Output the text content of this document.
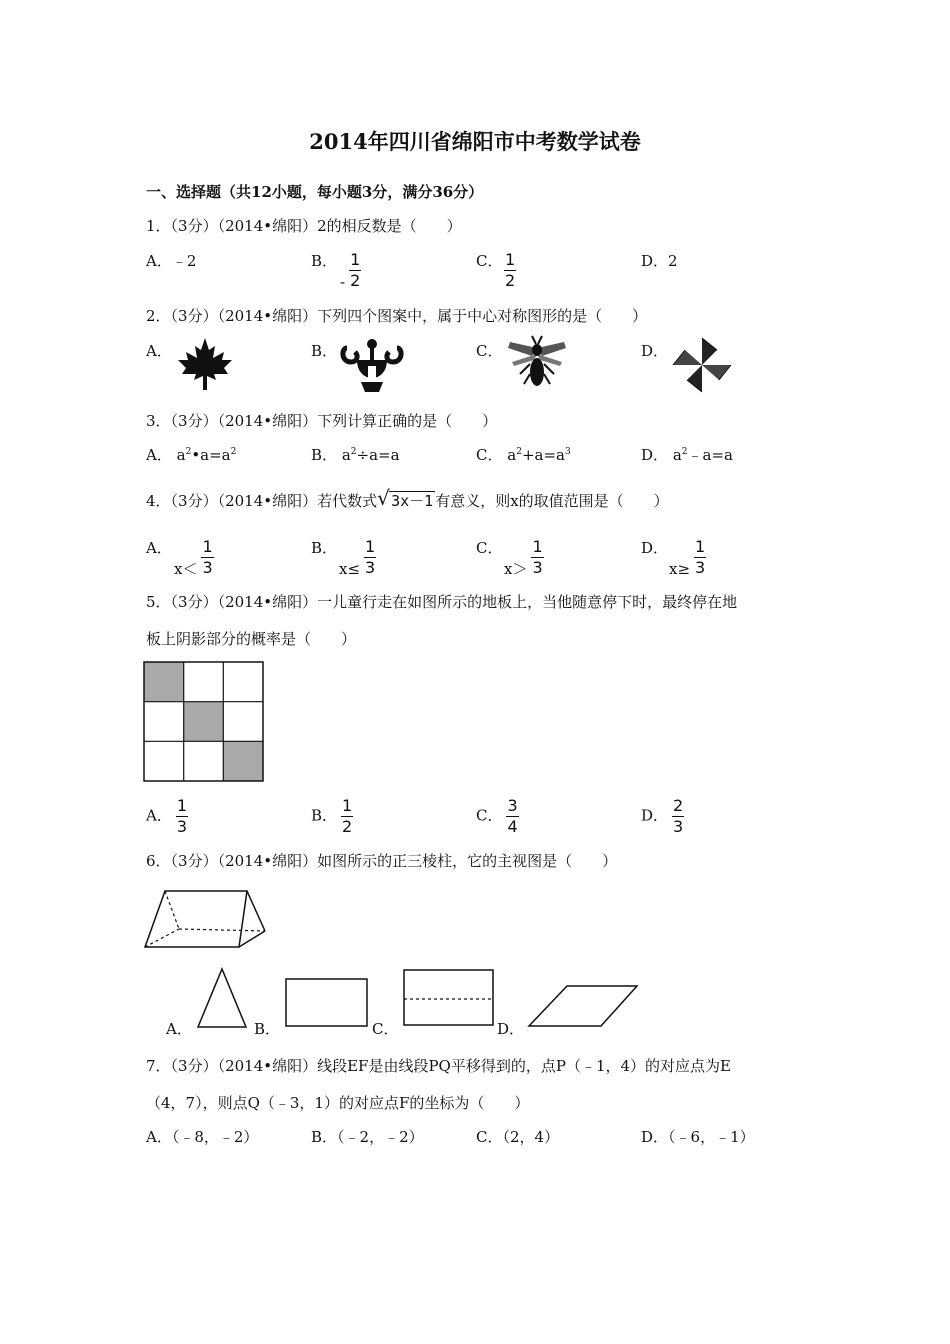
2014年四川省绵阳市中考数学试卷
一、选择题（共12小题，每小题3分，满分36分）
1．（3分）（2014•绵阳）2的相反数是（　　）
A．﹣2	B．
- $\frac{1}{2}$	C． $\frac{1}{2}$	D．2
2．（3分）（2014•绵阳）下列四个图案中，属于中心对称图形的是（　　）
A．	B．	C．	D．
3．（3分）（2014•绵阳）下列计算正确的是（　　）
A． $a^2•a=a^2$	B． $a^2\div a=a$	C． $a^2+a=a^3$	D． $a^2﹣a=a$
4．（3分）（2014•绵阳）若代数式 √ 3x－1 有意义，则x的取值范围是（　　）
A．
$x< \frac{1}{3}$	B．
$x\le \frac{1}{3}$	C．
$x> \frac{1}{3}$	D．
$x\ge \frac{1}{3}$
5．（3分）（2014•绵阳）一儿童行走在如图所示的地板上，当他随意停下时，最终停在地
板上阴影部分的概率是（　　）
A． $\frac{1}{3}$	B． $\frac{1}{2}$	C． $\frac{3}{4}$	D． $\frac{2}{3}$
6．（3分）（2014•绵阳）如图所示的正三棱柱，它的主视图是（　　）
A．	B．	C．	D．
7．（3分）（2014•绵阳）线段EF是由线段PQ平移得到的，点P（﹣1，4）的对应点为E
（4，7），则点Q（﹣3，1）的对应点F的坐标为（　　）
A．（﹣8，﹣2）	B．（﹣2，﹣2）	C．（2，4）	D．（﹣6，﹣1）
